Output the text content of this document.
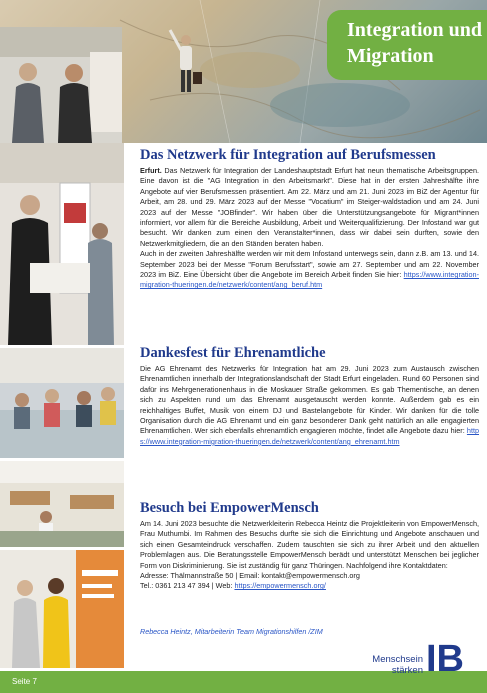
Integration und
Migration
Das Netzwerk für Integration auf Berufsmessen

Erfurt. Das Netzwerk für Integration der Landeshauptstadt Erfurt hat neun thematische Arbeitsgruppen. Eine davon ist die "AG Integration in den Arbeitsmarkt". Diese hat in der ersten Jahreshälfte ihre Angebote auf vier Berufsmessen präsentiert. Am 22. März und am 21. Juni 2023 im BiZ der Agentur für Arbeit, am 28. und 29. März 2023 auf der Messe "Vocatium" im Steiger-waldstadion und am 24. Juni 2023 auf der Messe "JOBfinder". Wir haben über die Unterstützungsangebote für Migrant*innen informiert, vor allem für die Bereiche Ausbildung, Arbeit und Weiterqualifizierung. Der Infostand war gut besucht. Wir danken zum einen den Veranstalter*innen, dass wir dabei sein durften, sowie den Netzwerkmitgliedern, die an den Ständen beraten haben.
Auch in der zweiten Jahreshälfte werden wir mit dem Infostand unterwegs sein, dann z.B. am 13. und 14. September 2023 bei der Messe "Forum Berufsstart", sowie am 27. September und am 22. November 2023 im BiZ. Eine Übersicht über die Angebote im Bereich Arbeit finden Sie hier: https://www.integration-migration-thueringen.de/netzwerk/content/ang_beruf.htm

Dankesfest für Ehrenamtliche

Die AG Ehrenamt des Netzwerks für Integration hat am 29. Juni 2023 zum Austausch zwischen Ehrenamtlichen innerhalb der Integrationslandschaft der Stadt Erfurt eingeladen. Rund 60 Personen sind dafür ins Mehrgenerationenhaus in die Moskauer Straße gekommen. Es gab Thementische, an denen sich zu Aspekten rund um das Ehrenamt ausgetauscht werden konnte. Außerdem gab es ein reichhaltiges Buffet, Musik von einem DJ und Bastelangebote für Kinder. Wir danken für die tolle Organisation durch die AG Ehrenamt und ein ganz besonderer Dank geht natürlich an alle engagierten Ehrenamtlichen. Wer sich ebenfalls ehrenamtlich engagieren möchte, findet alle Angebote dazu hier: https://www.integration-migration-thueringen.de/netzwerk/content/ang_ehrenamt.htm

Besuch bei EmpowerMensch

Am 14. Juni 2023 besuchte die Netzwerkleiterin Rebecca Heintz die Projektleiterin von EmpowerMensch, Frau Muthumbi. Im Rahmen des Besuchs durfte sie sich die Einrichtung und Angebote anschauen und sich einen Gesamteindruck verschaffen. Zudem tauschten sie sich zu ihrer Arbeit und den aktuellen Problemlagen aus. Die Beratungsstelle EmpowerMensch berädt und unterstützt Menschen bei jeglicher Form von Diskriminierung. Sie ist zuständig für ganz Thüringen. Nachfolgend ihre Kontaktdaten:
Adresse: Thälmannstraße 50 | Email: kontakt@empowermensch.org
Tel.: 0361 213 47 394 | Web: https://empowermensch.org/

Rebecca Heintz, Mitarbeiterin Team Migrationshilfen /ZIM
Seite 7
Menschsein
stärken IB
